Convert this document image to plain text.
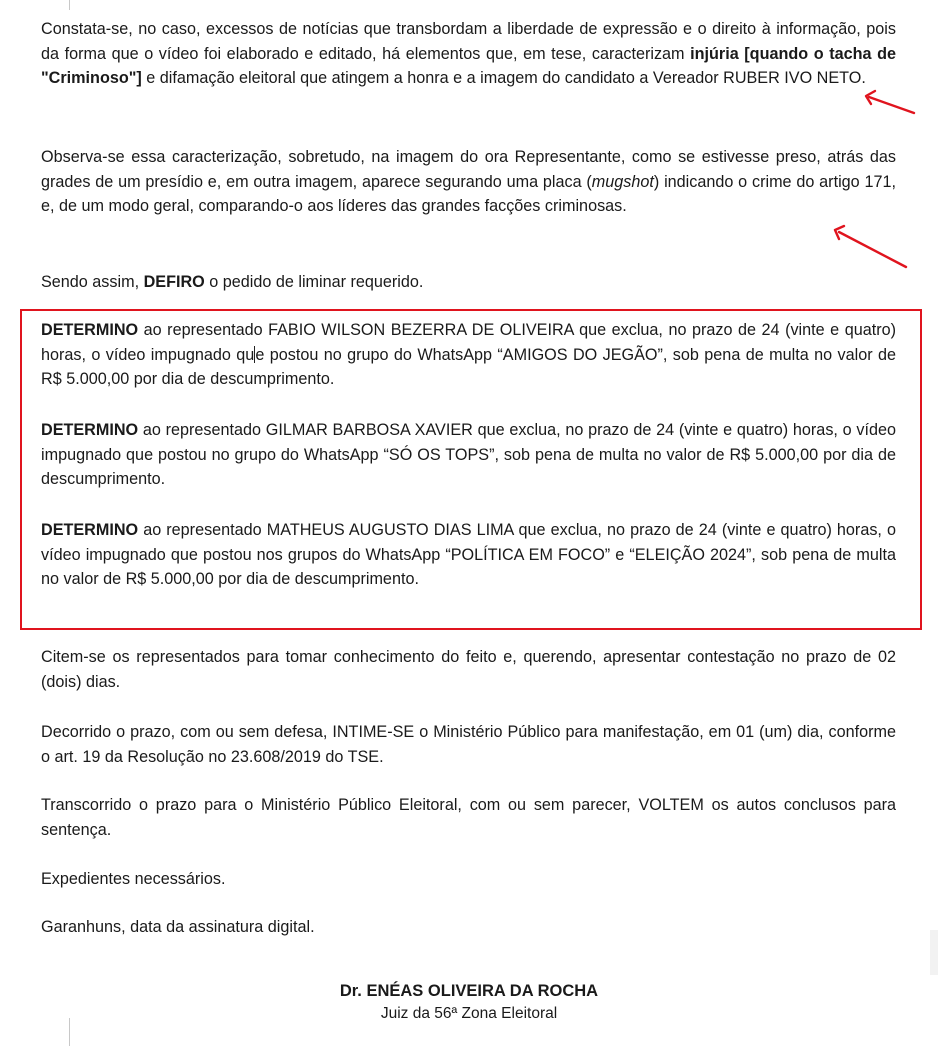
Constata-se, no caso, excessos de notícias que transbordam a liberdade de expressão e o direito à informação, pois da forma que o vídeo foi elaborado e editado, há elementos que, em tese, caracterizam injúria [quando o tacha de "Criminoso"] e difamação eleitoral que atingem a honra e a imagem do candidato a Vereador RUBER IVO NETO.

Observa-se essa caracterização, sobretudo, na imagem do ora Representante, como se estivesse preso, atrás das grades de um presídio e, em outra imagem, aparece segurando uma placa (mugshot) indicando o crime do artigo 171, e, de um modo geral, comparando-o aos líderes das grandes facções criminosas.

Sendo assim, DEFIRO o pedido de liminar requerido.

DETERMINO ao representado FABIO WILSON BEZERRA DE OLIVEIRA que exclua, no prazo de 24 (vinte e quatro) horas, o vídeo impugnado que postou no grupo do WhatsApp “AMIGOS DO JEGÃO”, sob pena de multa no valor de R$ 5.000,00 por dia de descumprimento.

DETERMINO ao representado GILMAR BARBOSA XAVIER que exclua, no prazo de 24 (vinte e quatro) horas, o vídeo impugnado que postou no grupo do WhatsApp “SÓ OS TOPS”, sob pena de multa no valor de R$ 5.000,00 por dia de descumprimento.

DETERMINO ao representado MATHEUS AUGUSTO DIAS LIMA que exclua, no prazo de 24 (vinte e quatro) horas, o vídeo impugnado que postou nos grupos do WhatsApp “POLÍTICA EM FOCO” e “ELEIÇÃO 2024”, sob pena de multa no valor de R$ 5.000,00 por dia de descumprimento.

Citem-se os representados para tomar conhecimento do feito e, querendo, apresentar contestação no prazo de 02 (dois) dias.

Decorrido o prazo, com ou sem defesa, INTIME-SE o Ministério Público para manifestação, em 01 (um) dia, conforme o art. 19 da Resolução no 23.608/2019 do TSE.

Transcorrido o prazo para o Ministério Público Eleitoral, com ou sem parecer, VOLTEM os autos conclusos para sentença.

Expedientes necessários.

Garanhuns, data da assinatura digital.

Dr. ENÉAS OLIVEIRA DA ROCHA
Juiz da 56ª Zona Eleitoral
